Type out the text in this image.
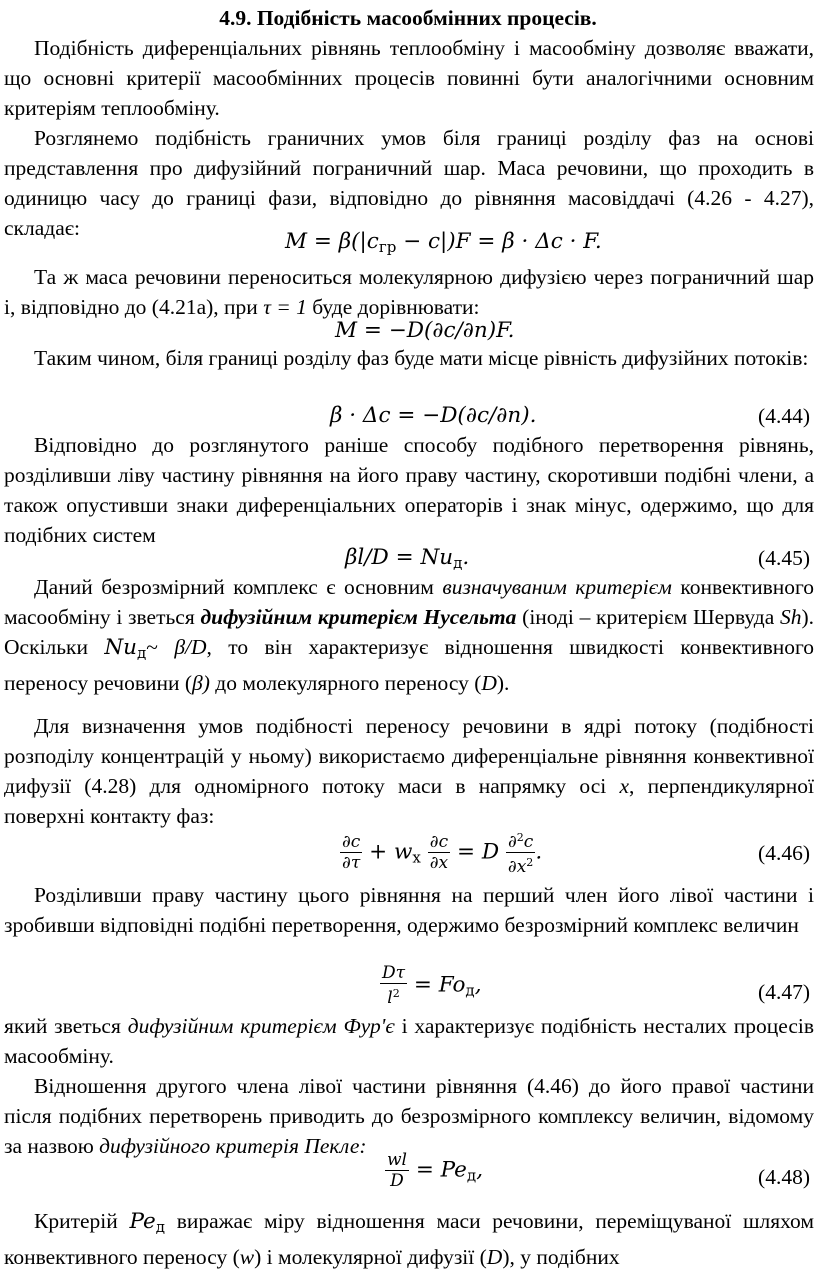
4.9. Подібність масообмінних процесів.
Подібність диференціальних рівнянь теплообміну і масообміну дозволяє вважати, що основні критерії масообмінних процесів повинні бути аналогічними основним критеріям теплообміну.
Розглянемо подібність граничних умов біля границі розділу фаз на основі представлення про дифузійний пограничний шар. Маса речовини, що проходить в одиницю часу до границі фази, відповідно до рівняння масовіддачі (4.26 - 4.27), складає:
$M = \beta(|c_{гр} - c|)F = \beta \cdot \Delta c \cdot F$.
Та ж маса речовини переноситься молекулярною дифузією через пограничний шар і, відповідно до (4.21а), при τ = 1 буде дорівнювати:
M = −D(∂c/∂n)F.
Таким чином, біля границі розділу фаз буде мати місце рівність дифузійних потоків:
β · Δc = −D(∂c/∂n).	(4.44)
Відповідно до розглянутого раніше способу подібного перетворення рівнянь, розділивши ліву частину рівняння на його праву частину, скоротивши подібні члени, а також опустивши знаки диференціальних операторів і знак мінус, одержимо, що для подібних систем
$\beta l/D = Nu_д$.	(4.45)
Даний безрозмірний комплекс є основним визначуваним критерієм конвективного масообміну і зветься дифузійним критерієм Нусельта (іноді – критерієм Шервуда Sh). Оскільки $Nu_д\sim$ β/D, то він характеризує відношення швидкості конвективного переносу речовини (β) до молекулярного переносу (D).
Для визначення умов подібності переносу речовини в ядрі потоку (подібності розподілу концентрацій у ньому) використаємо диференціальне рівняння конвективної дифузії (4.28) для одномірного потоку маси в напрямку осі x, перпендикулярної поверхні контакту фаз:
$\frac{\partial c}{\partial\tau} + w_x \frac{\partial c}{\partial x} = D \frac{\partial^2c}{\partial x^2}$ .	(4.46)
Розділивши праву частину цього рівняння на перший член його лівої частини і зробивши відповідні подібні перетворення, одержимо безрозмірний комплекс величин
$\frac{D\tau}{l^2} = Fo_д$,	(4.47)
який зветься дифузійним критерієм Фур'є і характеризує подібність несталих процесів масообміну.
Відношення другого члена лівої частини рівняння (4.46) до його правої частини після подібних перетворень приводить до безрозмірного комплексу величин, відомому за назвою дифузійного критерія Пекле:
$\frac{wl}{D} = Pe_д$,	(4.48)
Критерій $Pe_д$ виражає міру відношення маси речовини, переміщуваної шляхом конвективного переносу (w) і молекулярної дифузії (D), у подібних
